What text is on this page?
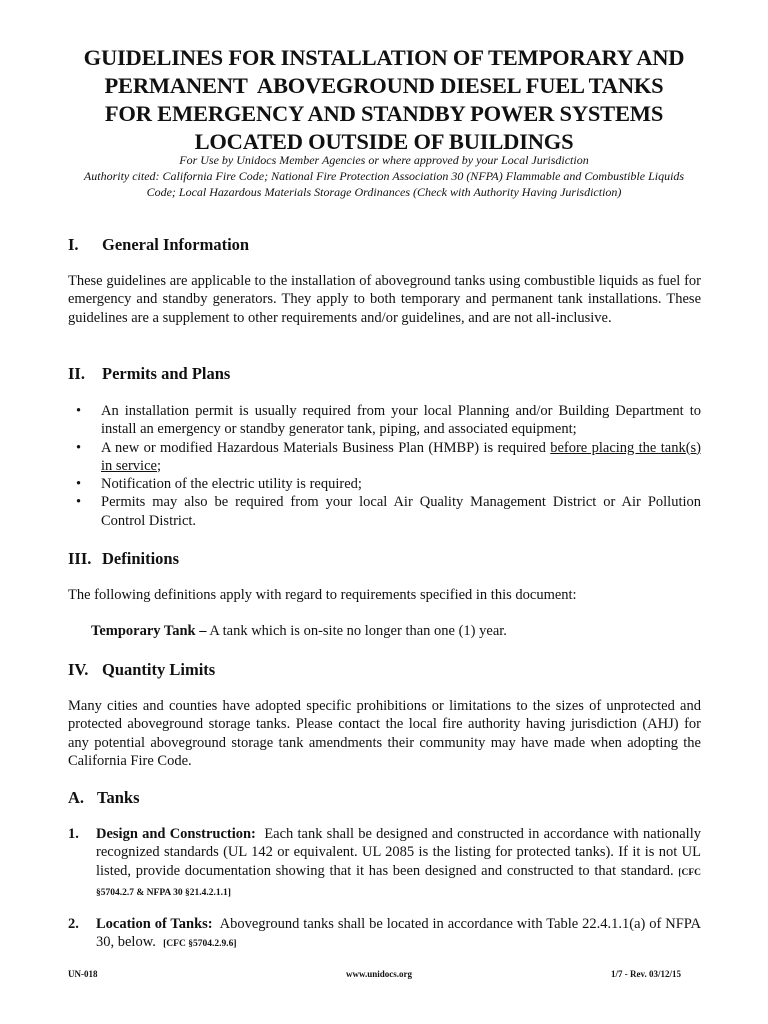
GUIDELINES FOR INSTALLATION OF TEMPORARY AND
PERMANENT  ABOVEGROUND DIESEL FUEL TANKS
FOR EMERGENCY AND STANDBY POWER SYSTEMS
LOCATED OUTSIDE OF BUILDINGS
For Use by Unidocs Member Agencies or where approved by your Local Jurisdiction
Authority cited: California Fire Code; National Fire Protection Association 30 (NFPA) Flammable and Combustible Liquids
Code; Local Hazardous Materials Storage Ordinances (Check with Authority Having Jurisdiction)
I. General Information
These guidelines are applicable to the installation of aboveground tanks using combustible liquids as fuel for emergency and standby generators. They apply to both temporary and permanent tank installations. These guidelines are a supplement to other requirements and/or guidelines, and are not all-inclusive.
II. Permits and Plans
• An installation permit is usually required from your local Planning and/or Building Department to install an emergency or standby generator tank, piping, and associated equipment;
• A new or modified Hazardous Materials Business Plan (HMBP) is required before placing the tank(s) in service;
• Notification of the electric utility is required;
• Permits may also be required from your local Air Quality Management District or Air Pollution Control District.
III. Definitions
The following definitions apply with regard to requirements specified in this document:
Temporary Tank – A tank which is on-site no longer than one (1) year.
IV. Quantity Limits
Many cities and counties have adopted specific prohibitions or limitations to the sizes of unprotected and protected aboveground storage tanks. Please contact the local fire authority having jurisdiction (AHJ) for any potential aboveground storage tank amendments their community may have made when adopting the California Fire Code.
A. Tanks
1. Design and Construction:  Each tank shall be designed and constructed in accordance with nationally recognized standards (UL 142 or equivalent. UL 2085 is the listing for protected tanks). If it is not UL listed, provide documentation showing that it has been designed and constructed to that standard. [CFC §5704.2.7 & NFPA 30 §21.4.2.1.1]
2. Location of Tanks:  Aboveground tanks shall be located in accordance with Table 22.4.1.1(a) of NFPA 30, below.  [CFC §5704.2.9.6]
UN-018	www.unidocs.org	1/7 - Rev. 03/12/15
